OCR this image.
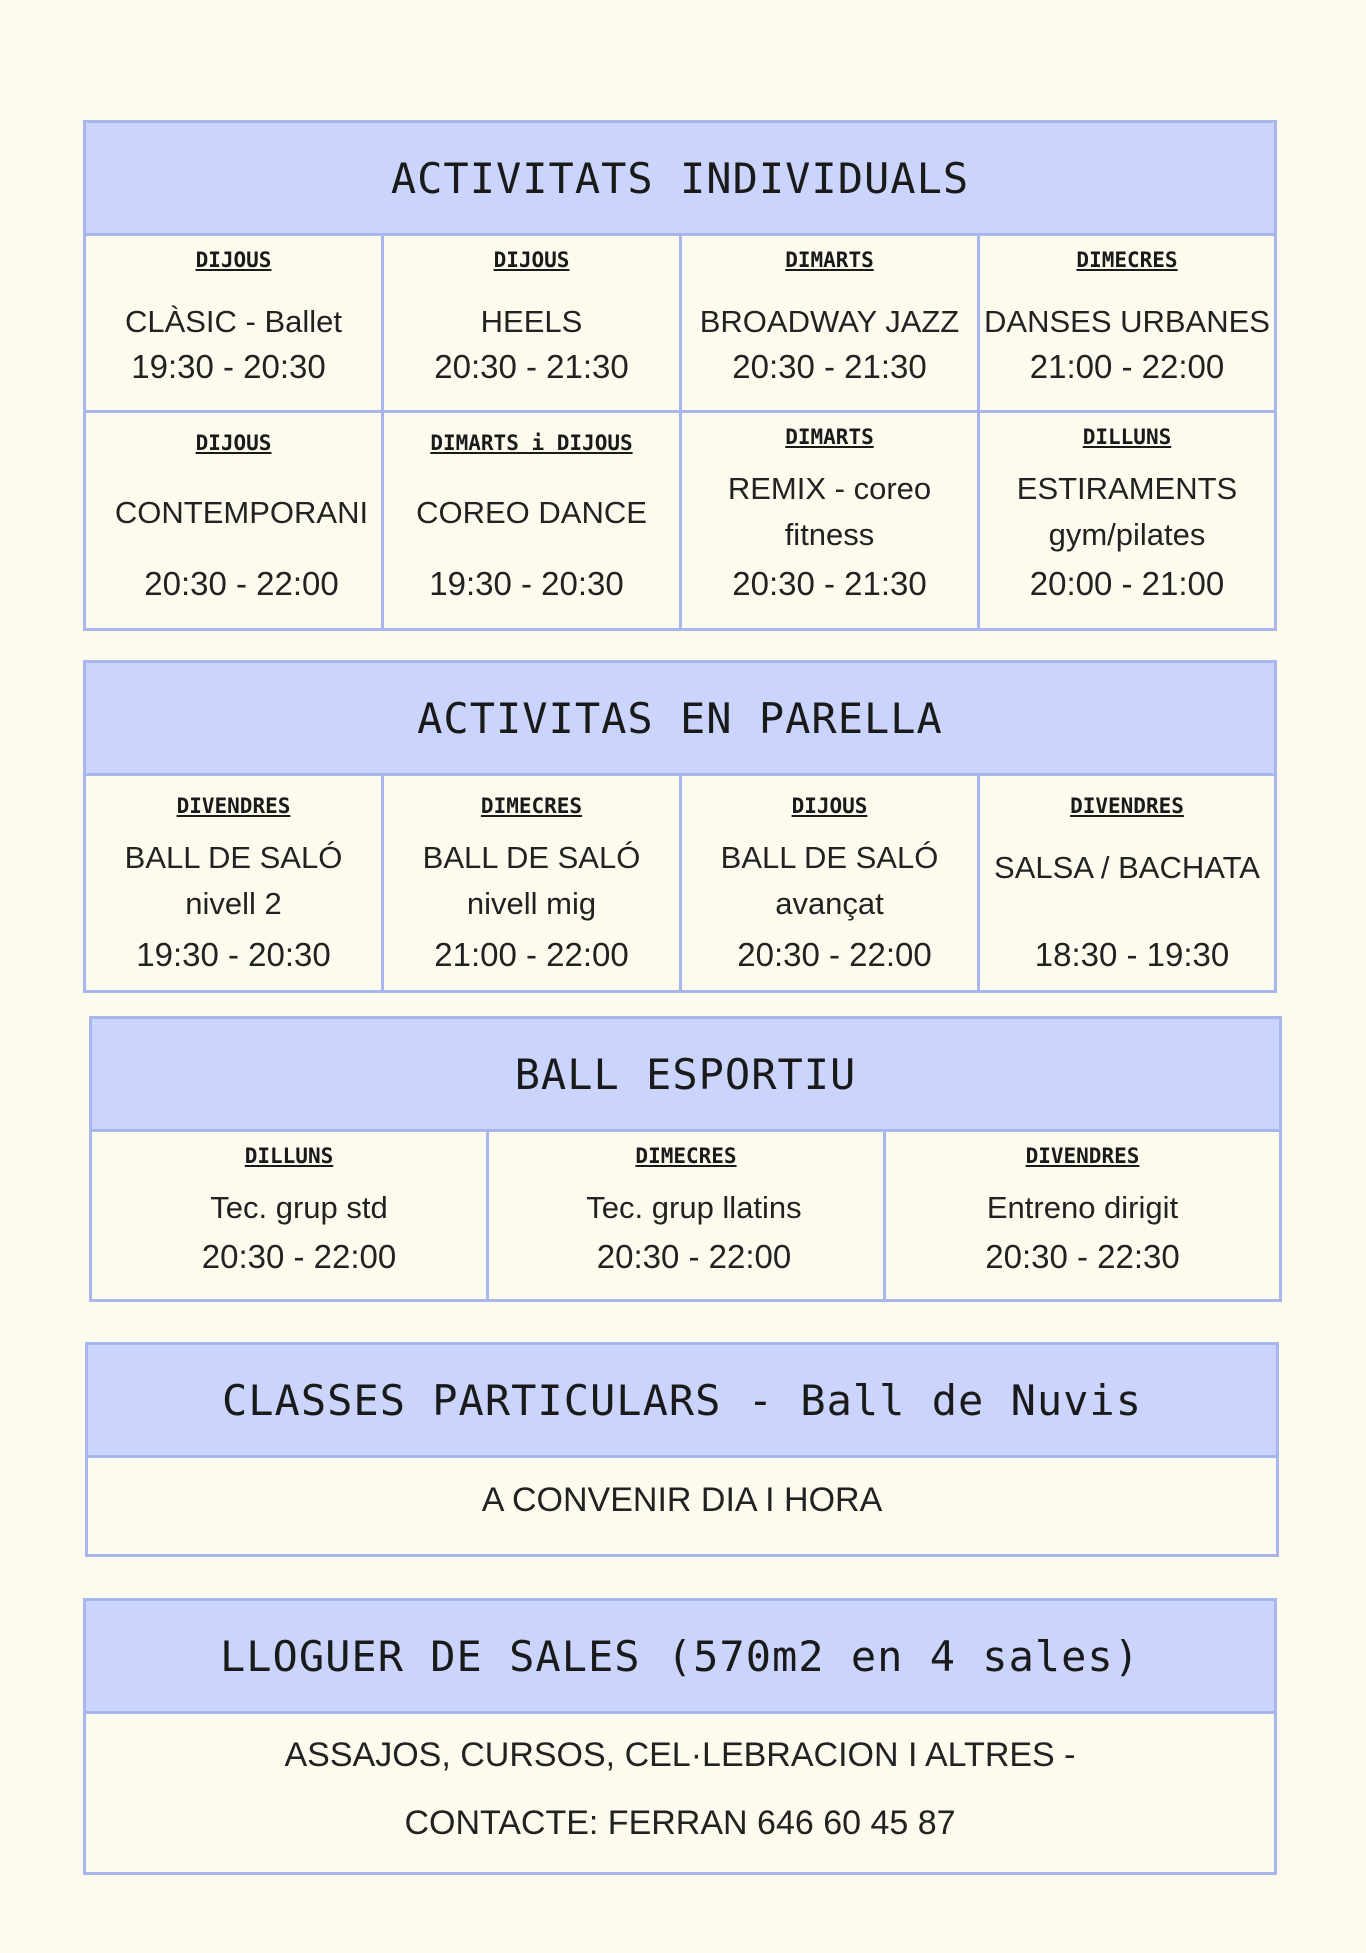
ACTIVITATS INDIVIDUALS
DIJOUS
CLÀSIC - Ballet
19:30 - 20:30
DIJOUS
HEELS
20:30 - 21:30
DIMARTS
BROADWAY JAZZ
20:30 - 21:30
DIMECRES
DANSES URBANES
21:00 - 22:00
DIJOUS
CONTEMPORANI
20:30 - 22:00
DIMARTS i DIJOUS
COREO DANCE
19:30 - 20:30
DIMARTS
REMIX - coreo
fitness
20:30 - 21:30
DILLUNS
ESTIRAMENTS
gym/pilates
20:00 - 21:00
ACTIVITAS EN PARELLA
DIVENDRES
BALL DE SALÓ
nivell 2
19:30 - 20:30
DIMECRES
BALL DE SALÓ
nivell mig
21:00 - 22:00
DIJOUS
BALL DE SALÓ
avançat
20:30 - 22:00
DIVENDRES
SALSA / BACHATA
18:30 - 19:30
BALL ESPORTIU
DILLUNS
Tec. grup std
20:30 - 22:00
DIMECRES
Tec. grup llatins
20:30 - 22:00
DIVENDRES
Entreno dirigit
20:30 - 22:30
CLASSES PARTICULARS - Ball de Nuvis
A CONVENIR DIA I HORA
LLOGUER DE SALES (570m2 en 4 sales)
ASSAJOS, CURSOS, CEL·LEBRACION I ALTRES -
CONTACTE: FERRAN 646 60 45 87
